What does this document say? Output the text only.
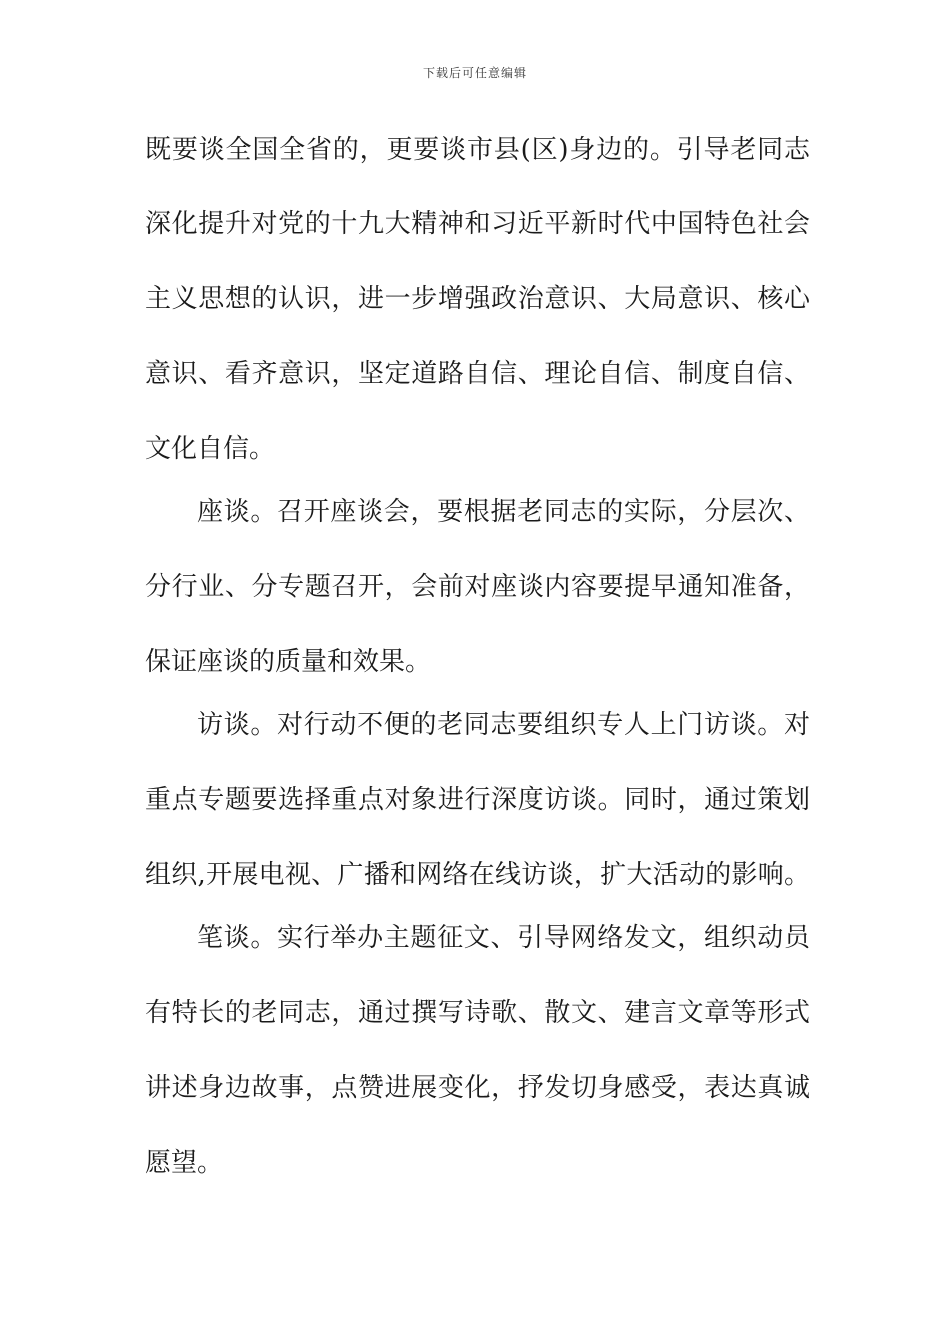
下载后可任意编辑
既要谈全国全省的，更要谈市县(区)身边的。引导老同志
深化提升对党的十九大精神和习近平新时代中国特色社会
主义思想的认识，进一步增强政治意识、大局意识、核心
意识、看齐意识，坚定道路自信、理论自信、制度自信、
文化自信。
座谈。召开座谈会，要根据老同志的实际，分层次、
分行业、分专题召开，会前对座谈内容要提早通知准备，
保证座谈的质量和效果。
访谈。对行动不便的老同志要组织专人上门访谈。对
重点专题要选择重点对象进行深度访谈。同时，通过策划
组织,开展电视、广播和网络在线访谈，扩大活动的影响。
笔谈。实行举办主题征文、引导网络发文，组织动员
有特长的老同志，通过撰写诗歌、散文、建言文章等形式
讲述身边故事，点赞进展变化，抒发切身感受，表达真诚
愿望。
